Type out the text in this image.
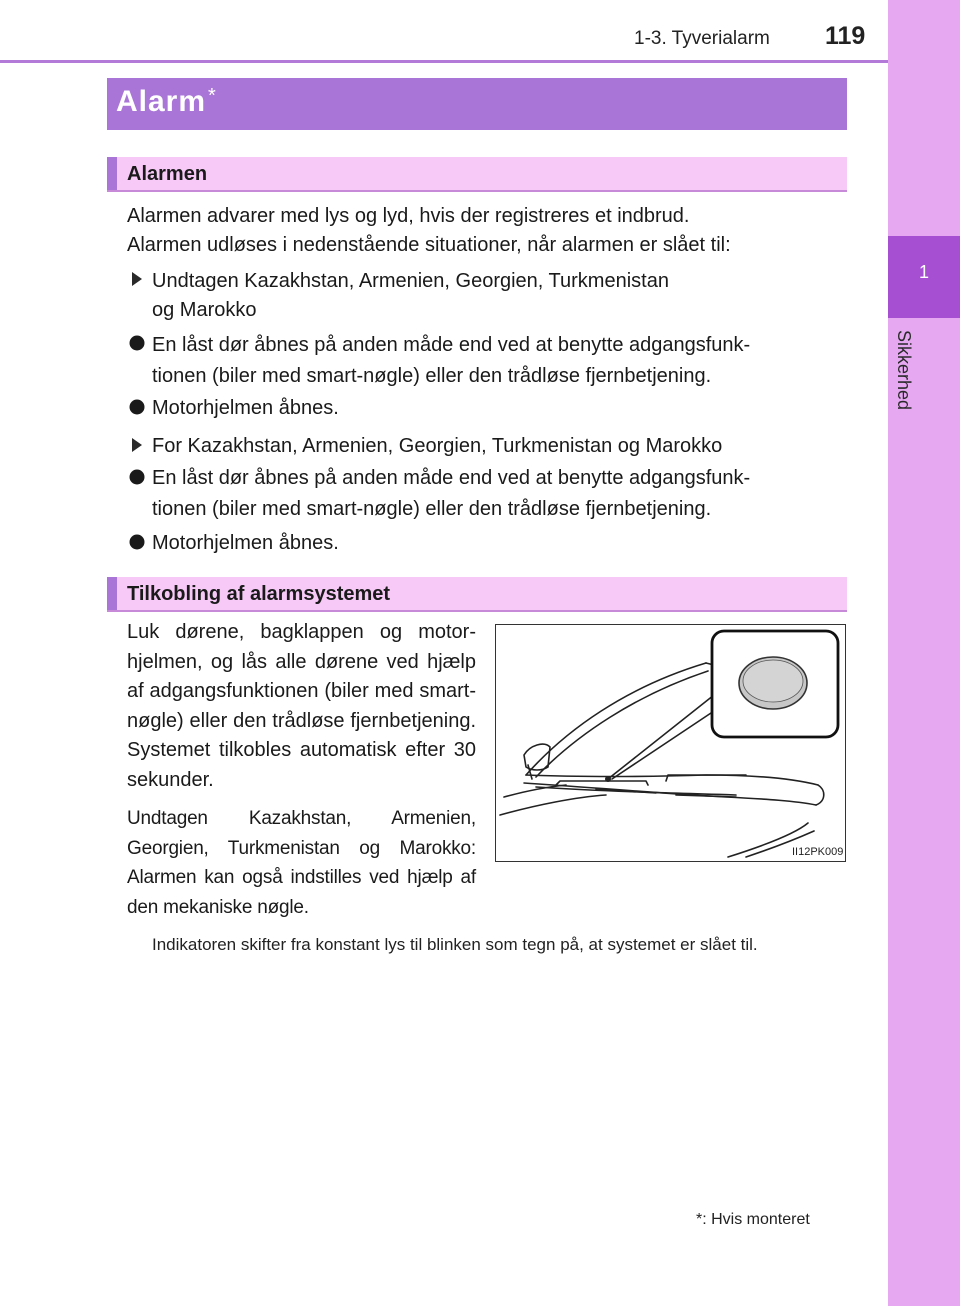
1
Sikkerhed
1-3. Tyverialarm 119
Alarm *
Alarmen
Alarmen advarer med lys og lyd, hvis der registreres et indbrud.
Alarmen udløses i nedenstående situationer, når alarmen er slået til:
Undtagen Kazakhstan, Armenien, Georgien, Turkmenistan
og Marokko
En låst dør åbnes på anden måde end ved at benytte adgangsfunk-
tionen (biler med smart-nøgle) eller den trådløse fjernbetjening.
Motorhjelmen åbnes.
For Kazakhstan, Armenien, Georgien, Turkmenistan og Marokko
En låst dør åbnes på anden måde end ved at benytte adgangsfunk-
tionen (biler med smart-nøgle) eller den trådløse fjernbetjening.
Motorhjelmen åbnes.
Tilkobling af alarmsystemet
Luk dørene, bagklappen og motor-hjelmen, og lås alle dørene ved hjælp af adgangsfunktionen (biler med smart-nøgle) eller den trådløse fjernbetjening. Systemet tilkobles automatisk efter 30 sekunder.
Undtagen Kazakhstan, Armenien, Georgien, Turkmenistan og Marokko: Alarmen kan også indstilles ved hjælp af den mekaniske nøgle.
II12PK009
Indikatoren skifter fra konstant lys til blinken som tegn på, at systemet er slået til.
*: Hvis monteret
